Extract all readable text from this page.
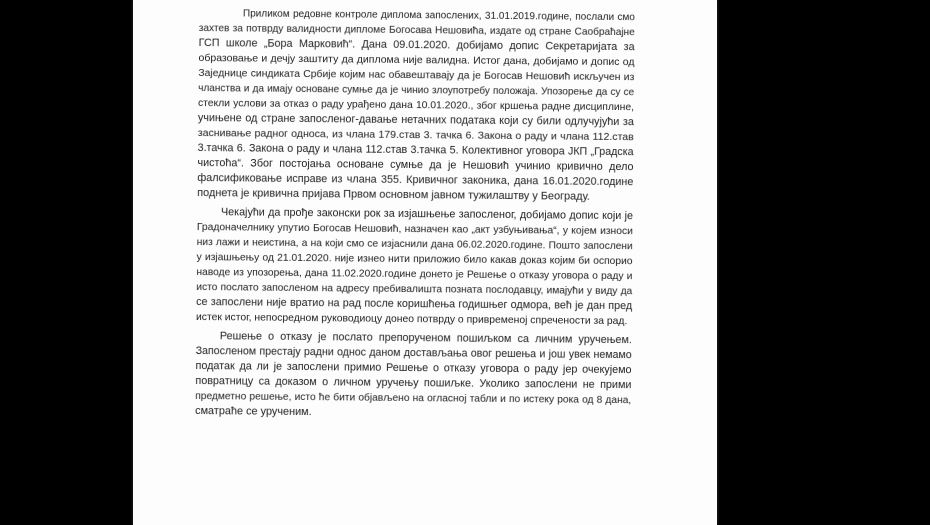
Приликом редовне контроле диплома запослених, 31.01.2019.године, послали смо
захтев за потврду валидности дипломе Богосава Нешовића, издате од стране Саобраћајне
ГСП школе „Бора Марковић“. Дана 09.01.2020. добијамо допис Секретаријата за
образовање и дечју заштиту да диплома није валидна. Истог дана, добијамо и допис од
Заједнице синдиката Србије којим нас обавештавају да је Богосав Нешовић искључен из
чланства и да имају основане сумње да је чинио злоупотребу положаја. Упозорење да су се
стекли услови за отказ о раду урађено дана 10.01.2020., због кршења радне дисциплине,
учињене од стране запосленог-давање нетачних података који су били одлучујући за
заснивање радног односа, из члана 179.став 3. тачка 6. Закона о раду и члана 112.став
3.тачка 6. Закона о раду и члана 112.став 3.тачка 5. Колективног уговора ЈКП „Градска
чистоћа“. Због постојања основане сумње да је Нешовић учинио кривично дело
фалсификовање исправе из члана 355. Кривичног законика, дана 16.01.2020.године
поднета је кривична пријава Првом основном јавном тужилаштву у Београду.

Чекајући да прође законски рок за изјашњење запосленог, добијамо допис који је
Градоначелнику упутио Богосав Нешовић, назначен као „акт узбуњивања“, у којем износи
низ лажи и неистина, а на који смо се изјаснили дана 06.02.2020.године. Пошто запослени
у изјашњењу од 21.01.2020. није изнео нити приложио било какав доказ којим би оспорио
наводе из упозорења, дана 11.02.2020.године донето је Решење о отказу уговора о раду и
исто послато запосленом на адресу пребивалишта позната послодавцу, имајући у виду да
се запослени није вратио на рад после коришћења годишњег одмора, већ је дан пред
истек истог, непосредном руководиоцу донео потврду о привременој спречености за рад.

Решење о отказу је послато препорученом пошиљком са личним уручењем.
Запосленом престају радни однос даном достављања овог решења и још увек немамо
податак да ли је запослени примио Решење о отказу уговора о раду јер очекујемо
повратницу са доказом о личном уручењу пошиљке. Уколико запослени не прими
предметно решење, исто ће бити објављено на огласној табли и по истеку рока од 8 дана,
сматраће се уручeним.
